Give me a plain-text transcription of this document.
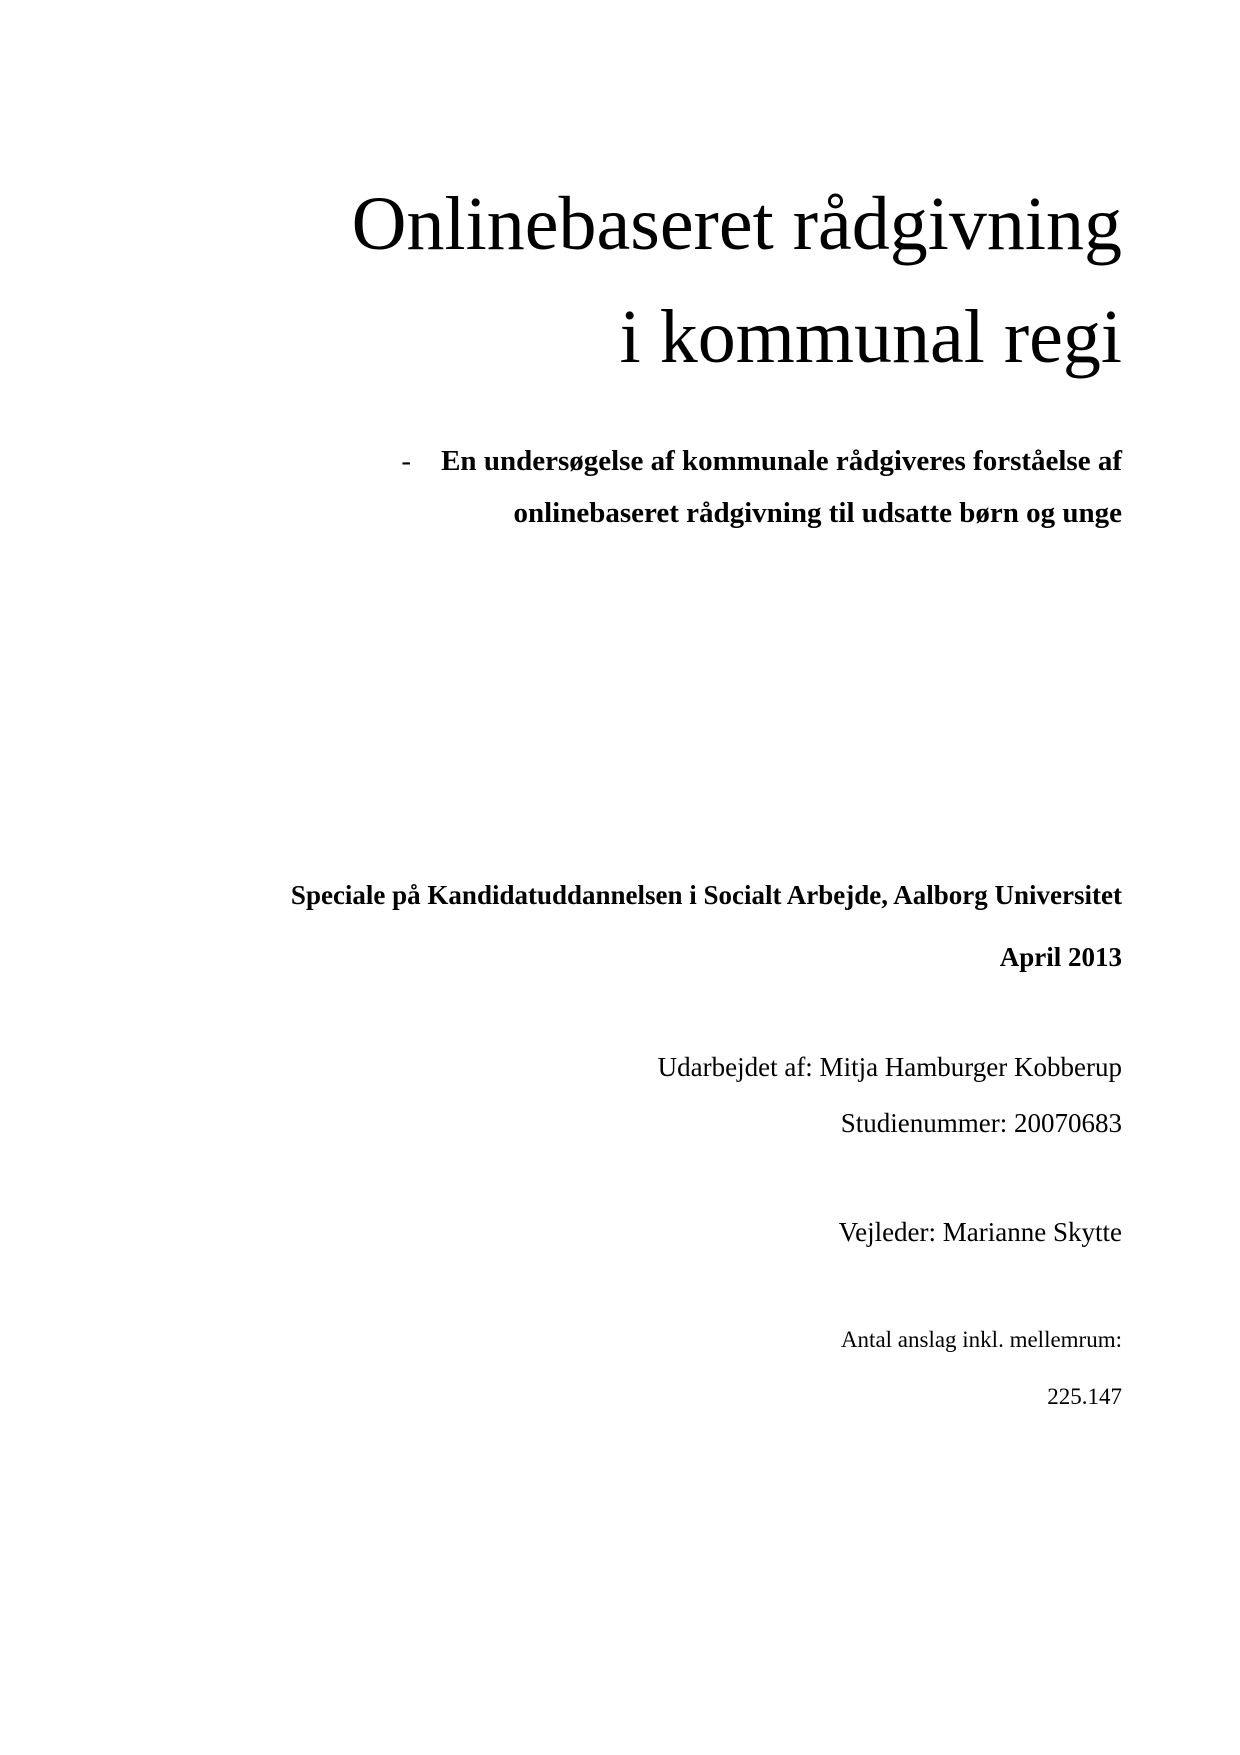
Onlinebaseret rådgivning
i kommunal regi
- En undersøgelse af kommunale rådgiveres forståelse af
onlinebaseret rådgivning til udsatte børn og unge
Speciale på Kandidatuddannelsen i Socialt Arbejde, Aalborg Universitet
April 2013
Udarbejdet af: Mitja Hamburger Kobberup
Studienummer: 20070683
Vejleder: Marianne Skytte
Antal anslag inkl. mellemrum:
225.147
